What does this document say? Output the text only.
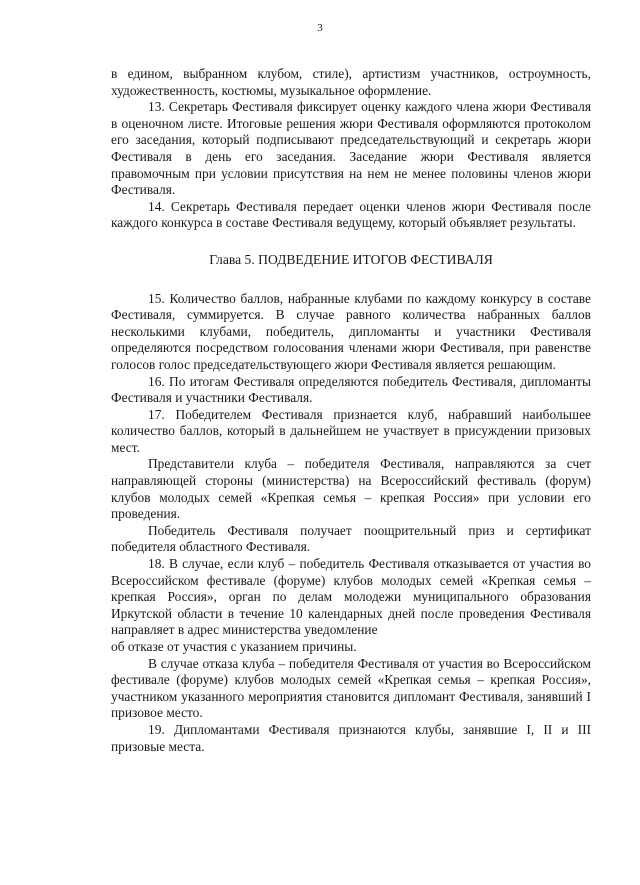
3

в едином, выбранном клубом, стиле), артистизм участников, остроумность, художественность, костюмы, музыкальное оформление.

13. Секретарь Фестиваля фиксирует оценку каждого члена жюри Фестиваля в оценочном листе. Итоговые решения жюри Фестиваля оформляются протоколом его заседания, который подписывают председательствующий и секретарь жюри Фестиваля в день его заседания. Заседание жюри Фестиваля является правомочным при условии присутствия на нем не менее половины членов жюри Фестиваля.

14. Секретарь Фестиваля передает оценки членов жюри Фестиваля после каждого конкурса в составе Фестиваля ведущему, который объявляет результаты.

Глава 5. ПОДВЕДЕНИЕ ИТОГОВ ФЕСТИВАЛЯ

15. Количество баллов, набранные клубами по каждому конкурсу в составе Фестиваля, суммируется. В случае равного количества набранных баллов несколькими клубами, победитель, дипломанты и участники Фестиваля определяются посредством голосования членами жюри Фестиваля, при равенстве голосов голос председательствующего жюри Фестиваля является решающим.

16. По итогам Фестиваля определяются победитель Фестиваля, дипломанты Фестиваля и участники Фестиваля.

17. Победителем Фестиваля признается клуб, набравший наибольшее количество баллов, который в дальнейшем не участвует в присуждении призовых мест.

Представители клуба – победителя Фестиваля, направляются за счет направляющей стороны (министерства) на Всероссийский фестиваль (форум) клубов молодых семей «Крепкая семья – крепкая Россия» при условии его проведения.

Победитель Фестиваля получает поощрительный приз и сертификат победителя областного Фестиваля.

18. В случае, если клуб – победитель Фестиваля отказывается от участия во Всероссийском фестивале (форуме) клубов молодых семей «Крепкая семья – крепкая Россия», орган по делам молодежи муниципального образования Иркутской области в течение 10 календарных дней после проведения Фестиваля направляет в адрес министерства уведомление

об отказе от участия с указанием причины.

В случае отказа клуба – победителя Фестиваля от участия во Всероссийском фестивале (форуме) клубов молодых семей «Крепкая семья – крепкая Россия», участником указанного мероприятия становится дипломант Фестиваля, занявший I призовое место.

19. Дипломантами Фестиваля признаются клубы, занявшие I, II и III призовые места.
